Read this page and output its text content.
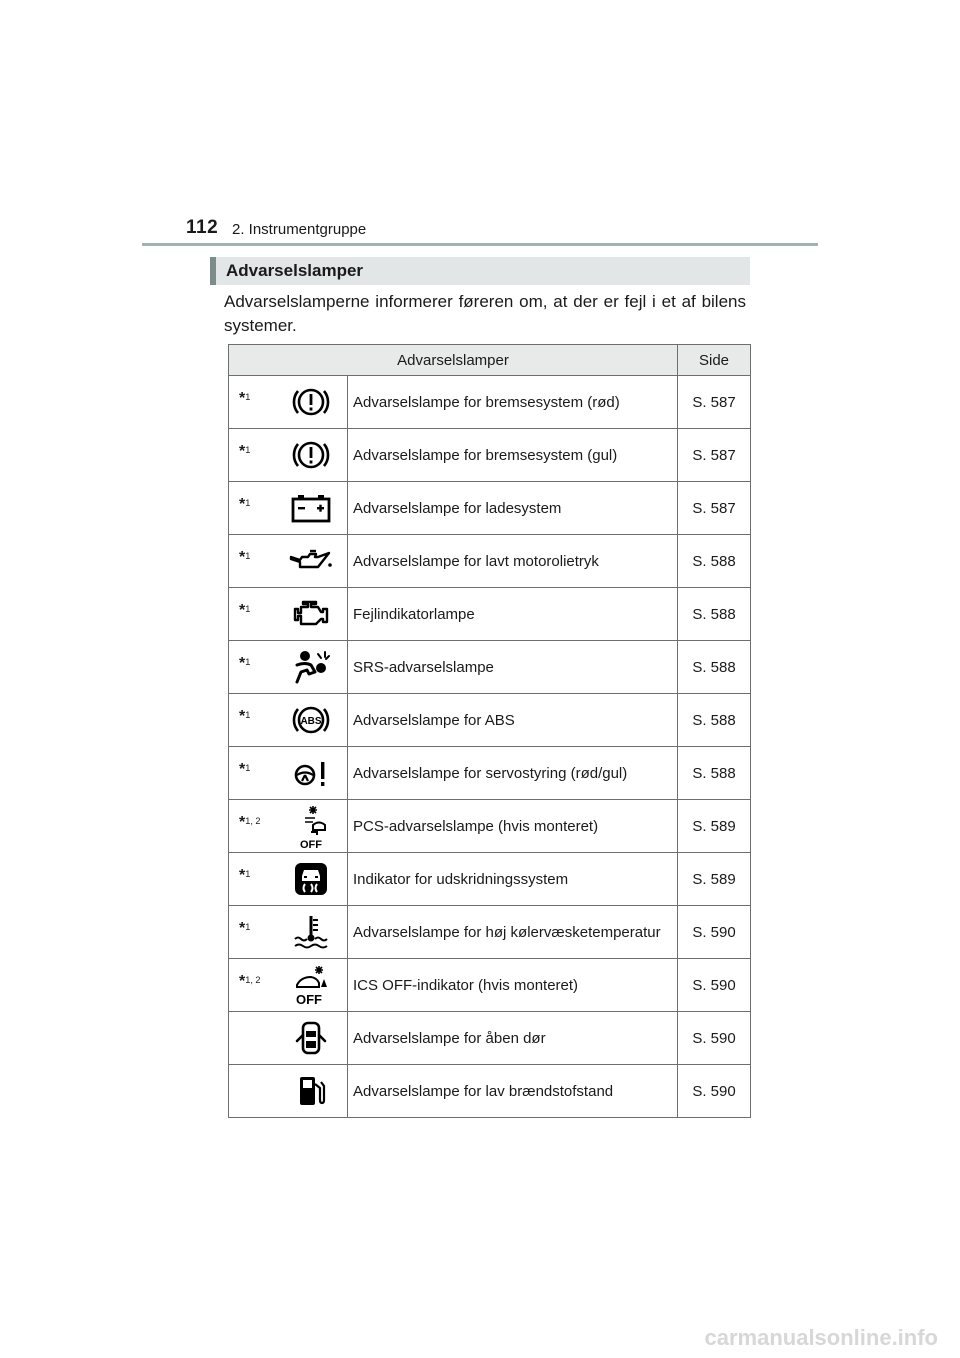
112 2. Instrumentgruppe
Advarselslamper
Advarselslamperne informerer føreren om, at der er fejl i et af bilens systemer.
Advarselslamper			Side

*1		Advarselslampe for bremsesystem (rød)	S. 587

*1		Advarselslampe for bremsesystem (gul)	S. 587

*1		Advarselslampe for ladesystem	S. 587

*1		Advarselslampe for lavt motorolietryk	S. 588

*1		Fejlindikatorlampe	S. 588

*1		SRS-advarselslampe	S. 588

*1	ABS	Advarselslampe for ABS	S. 588

*1		Advarselslampe for servostyring (rød/gul)	S. 588

*1, 2	OFF	PCS-advarselslampe (hvis monteret)	S. 589

*1		Indikator for udskridningssystem	S. 589

*1		Advarselslampe for høj kølervæsketemperatur	S. 590

*1, 2	OFF	ICS OFF-indikator (hvis monteret)	S. 590

	Advarselslampe for åben dør	S. 590

	Advarselslampe for lav brændstofstand	S. 590
carmanualsonline.info
